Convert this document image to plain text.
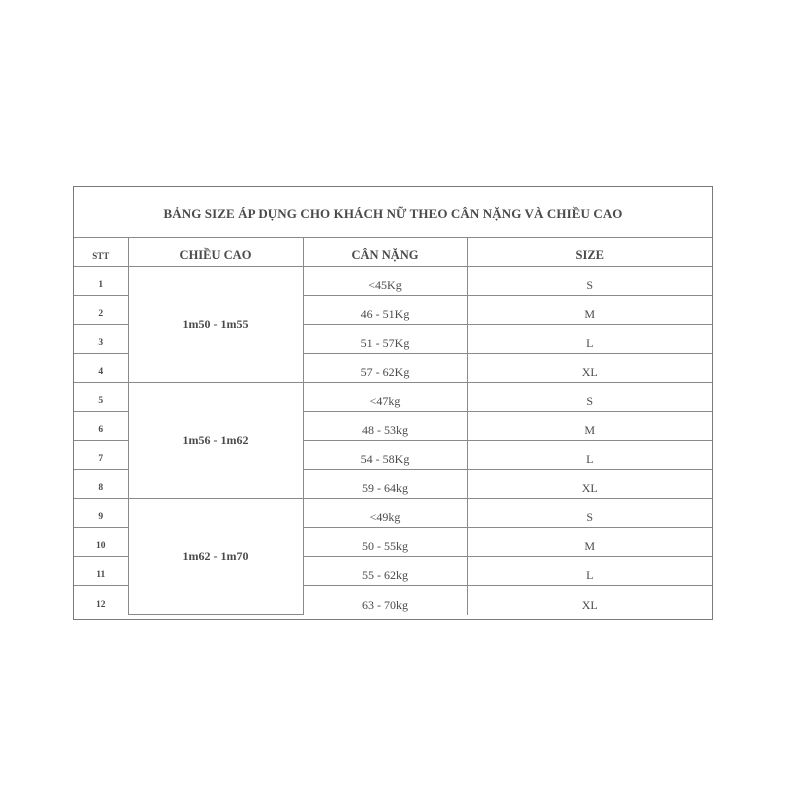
BẢNG SIZE ÁP DỤNG CHO KHÁCH NỮ THEO CÂN NẶNG VÀ CHIỀU CAO
STT	CHIỀU CAO	CÂN NẶNG	SIZE
1	1m50 - 1m55	<45Kg	S
2		46 - 51Kg	M
3		51 - 57Kg	L
4		57 - 62Kg	XL
5	1m56 - 1m62	<47kg	S
6		48 - 53kg	M
7		54 - 58Kg	L
8		59 - 64kg	XL
9	1m62 - 1m70	<49kg	S
10		50 - 55kg	M
11		55 - 62kg	L
12		63 - 70kg	XL
